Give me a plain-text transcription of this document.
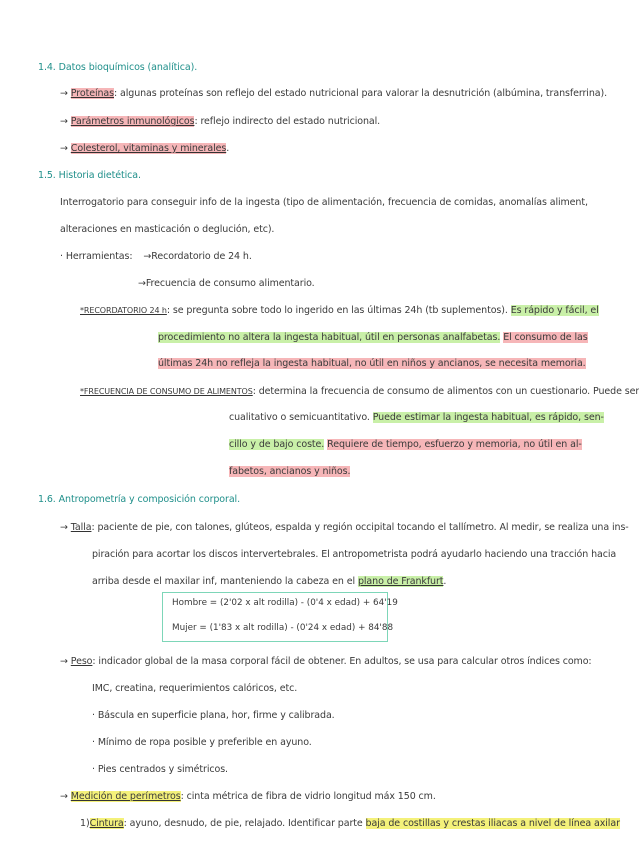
1.4. Datos bioquímicos (analítica).
→ Proteínas: algunas proteínas son reflejo del estado nutricional para valorar la desnutrición (albúmina, transferrina).
→ Parámetros inmunológicos: reflejo indirecto del estado nutricional.
→ Colesterol, vitaminas y minerales.
1.5. Historia dietética.
Interrogatorio para conseguir info de la ingesta (tipo de alimentación, frecuencia de comidas, anomalías aliment,
alteraciones en masticación o deglución, etc).
· Herramientas: →Recordatorio de 24 h.
→Frecuencia de consumo alimentario.
*RECORDATORIO 24 h: se pregunta sobre todo lo ingerido en las últimas 24h (tb suplementos). Es rápido y fácil, el
procedimiento no altera la ingesta habitual, útil en personas analfabetas. El consumo de las
últimas 24h no refleja la ingesta habitual, no útil en niños y ancianos, se necesita memoria.
*FRECUENCIA DE CONSUMO DE ALIMENTOS: determina la frecuencia de consumo de alimentos con un cuestionario. Puede ser
cualitativo o semicuantitativo. Puede estimar la ingesta habitual, es rápido, sen-
cillo y de bajo coste. Requiere de tiempo, esfuerzo y memoria, no útil en al-
fabetos, ancianos y niños.
1.6. Antropometría y composición corporal.
→ Talla: paciente de pie, con talones, glúteos, espalda y región occipital tocando el tallímetro. Al medir, se realiza una ins-
piración para acortar los discos intervertebrales. El antropometrista podrá ayudarlo haciendo una tracción hacia
arriba desde el maxilar inf, manteniendo la cabeza en el plano de Frankfurt.
Hombre = (2'02 x alt rodilla) - (0'4 x edad) + 64'19
Mujer = (1'83 x alt rodilla) - (0'24 x edad) + 84'88
→ Peso: indicador global de la masa corporal fácil de obtener. En adultos, se usa para calcular otros índices como:
IMC, creatina, requerimientos calóricos, etc.
· Báscula en superficie plana, hor, firme y calibrada.
· Mínimo de ropa posible y preferible en ayuno.
· Pies centrados y simétricos.
→ Medición de perímetros: cinta métrica de fibra de vidrio longitud máx 150 cm.
1)Cintura: ayuno, desnudo, de pie, relajado. Identificar parte baja de costillas y crestas iliacas a nivel de línea axilar
